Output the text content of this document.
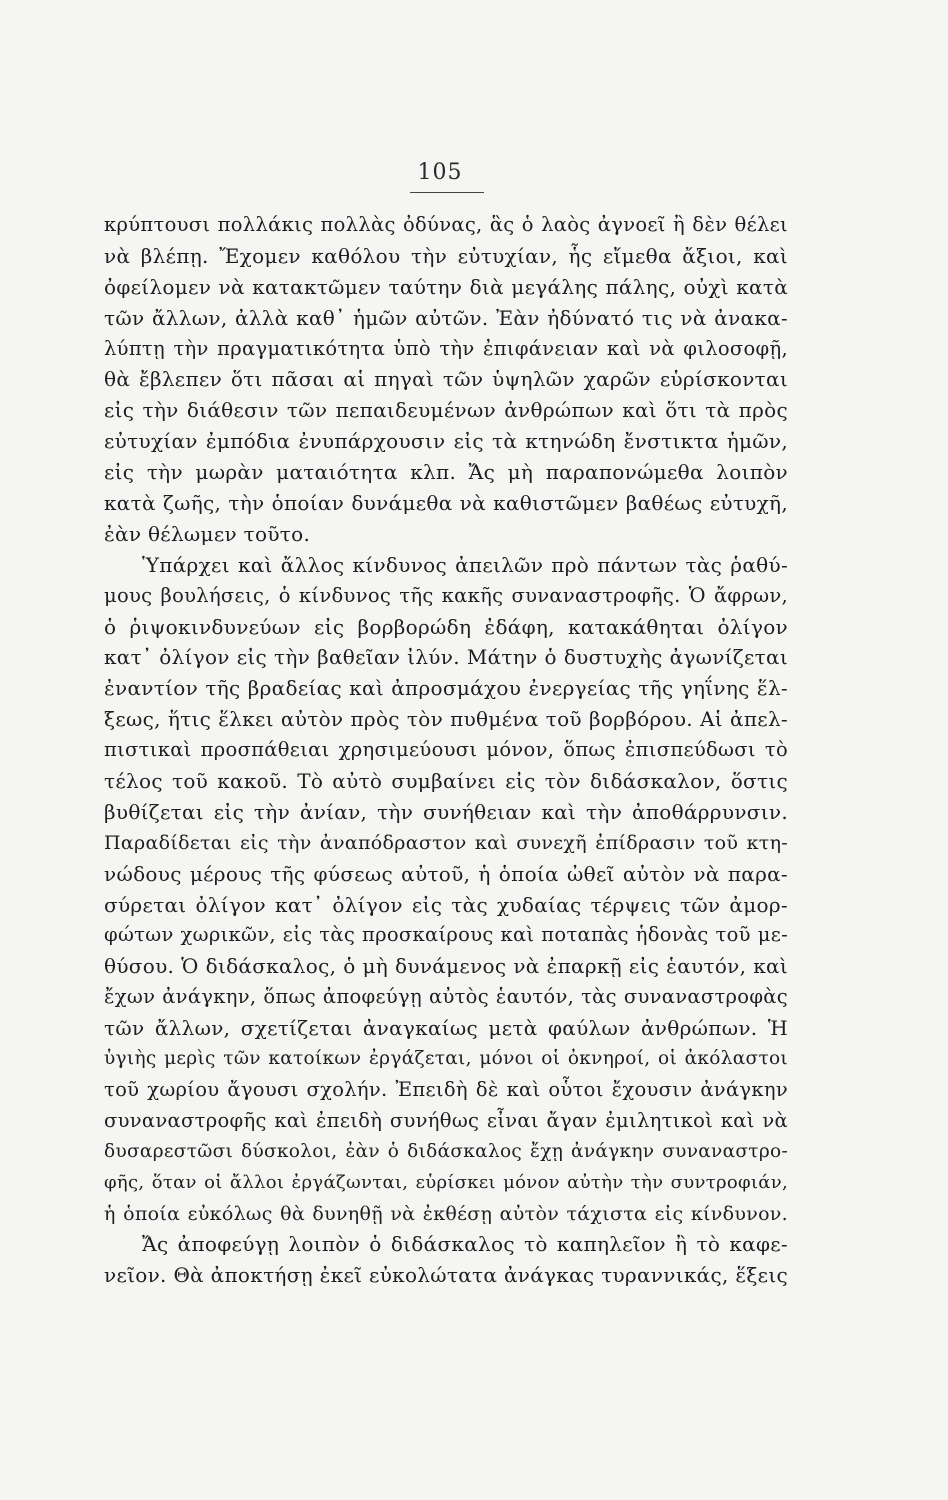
105
κρύπτουσι πολλάκις πολλὰς ὀδύνας, ἃς ὁ λαὸς ἀγνοεῖ ἢ δὲν θέλει
νὰ βλέπῃ. Ἔχομεν καθόλου τὴν εὐτυχίαν, ἧς εἴμεθα ἄξιοι, καὶ
ὀφείλομεν νὰ κατακτῶμεν ταύτην διὰ μεγάλης πάλης, οὐχὶ κατὰ
τῶν ἄλλων, ἀλλὰ καθ᾽ ἡμῶν αὐτῶν. Ἐὰν ἠδύνατό τις νὰ ἀνακα-
λύπτῃ τὴν πραγματικότητα ὑπὸ τὴν ἐπιφάνειαν καὶ νὰ φιλοσοφῇ,
θὰ ἔβλεπεν ὅτι πᾶσαι αἱ πηγαὶ τῶν ὑψηλῶν χαρῶν εὑρίσκονται
εἰς τὴν διάθεσιν τῶν πεπαιδευμένων ἀνθρώπων καὶ ὅτι τὰ πρὸς
εὐτυχίαν ἐμπόδια ἐνυπάρχουσιν εἰς τὰ κτηνώδη ἔνστικτα ἡμῶν,
εἰς τὴν μωρὰν ματαιότητα κλπ. Ἄς μὴ παραπονώμεθα λοιπὸν
κατὰ ζωῆς, τὴν ὁποίαν δυνάμεθα νὰ καθιστῶμεν βαθέως εὐτυχῆ,
ἐὰν θέλωμεν τοῦτο.
Ὑπάρχει καὶ ἄλλος κίνδυνος ἀπειλῶν πρὸ πάντων τὰς ῥαθύ-
μους βουλήσεις, ὁ κίνδυνος τῆς κακῆς συναναστροφῆς. Ὁ ἄφρων,
ὁ ῥιψοκινδυνεύων εἰς βορβορώδη ἐδάφη, κατακάθηται ὀλίγον
κατ᾽ ὀλίγον εἰς τὴν βαθεῖαν ἰλύν. Μάτην ὁ δυστυχὴς ἀγωνίζεται
ἐναντίον τῆς βραδείας καὶ ἀπροσμάχου ἐνεργείας τῆς γηΐνης ἕλ-
ξεως, ἥτις ἕλκει αὐτὸν πρὸς τὸν πυθμένα τοῦ βορβόρου. Αἱ ἀπελ-
πιστικαὶ προσπάθειαι χρησιμεύουσι μόνον, ὅπως ἐπισπεύδωσι τὸ
τέλος τοῦ κακοῦ. Τὸ αὐτὸ συμβαίνει εἰς τὸν διδάσκαλον, ὅστις
βυθίζεται εἰς τὴν ἀνίαν, τὴν συνήθειαν καὶ τὴν ἀποθάρρυνσιν.
Παραδίδεται εἰς τὴν ἀναπόδραστον καὶ συνεχῆ ἐπίδρασιν τοῦ κτη-
νώδους μέρους τῆς φύσεως αὐτοῦ, ἡ ὁποία ὠθεῖ αὐτὸν νὰ παρα-
σύρεται ὀλίγον κατ᾽ ὀλίγον εἰς τὰς χυδαίας τέρψεις τῶν ἀμορ-
φώτων χωρικῶν, εἰς τὰς προσκαίρους καὶ ποταπὰς ἡδονὰς τοῦ με-
θύσου. Ὁ διδάσκαλος, ὁ μὴ δυνάμενος νὰ ἐπαρκῇ εἰς ἑαυτόν, καὶ
ἔχων ἀνάγκην, ὅπως ἀποφεύγῃ αὐτὸς ἑαυτόν, τὰς συναναστροφὰς
τῶν ἄλλων, σχετίζεται ἀναγκαίως μετὰ φαύλων ἀνθρώπων. Ἡ
ὑγιὴς μερὶς τῶν κατοίκων ἐργάζεται, μόνοι οἱ ὀκνηροί, οἱ ἀκόλαστοι
τοῦ χωρίου ἄγουσι σχολήν. Ἐπειδὴ δὲ καὶ οὗτοι ἔχουσιν ἀνάγκην
συναναστροφῆς καὶ ἐπειδὴ συνήθως εἶναι ἄγαν ἐμιλητικοὶ καὶ νὰ
δυσαρεστῶσι δύσκολοι, ἐὰν ὁ διδάσκαλος ἔχῃ ἀνάγκην συναναστρο-
φῆς, ὅταν οἱ ἄλλοι ἐργάζωνται, εὑρίσκει μόνον αὐτὴν τὴν συντροφιάν,
ἡ ὁποία εὐκόλως θὰ δυνηθῇ νὰ ἐκθέσῃ αὐτὸν τάχιστα εἰς κίνδυνον.
Ἄς ἀποφεύγῃ λοιπὸν ὁ διδάσκαλος τὸ καπηλεῖον ἢ τὸ καφε-
νεῖον. Θὰ ἀποκτήσῃ ἐκεῖ εὐκολώτατα ἀνάγκας τυραννικάς, ἕξεις
